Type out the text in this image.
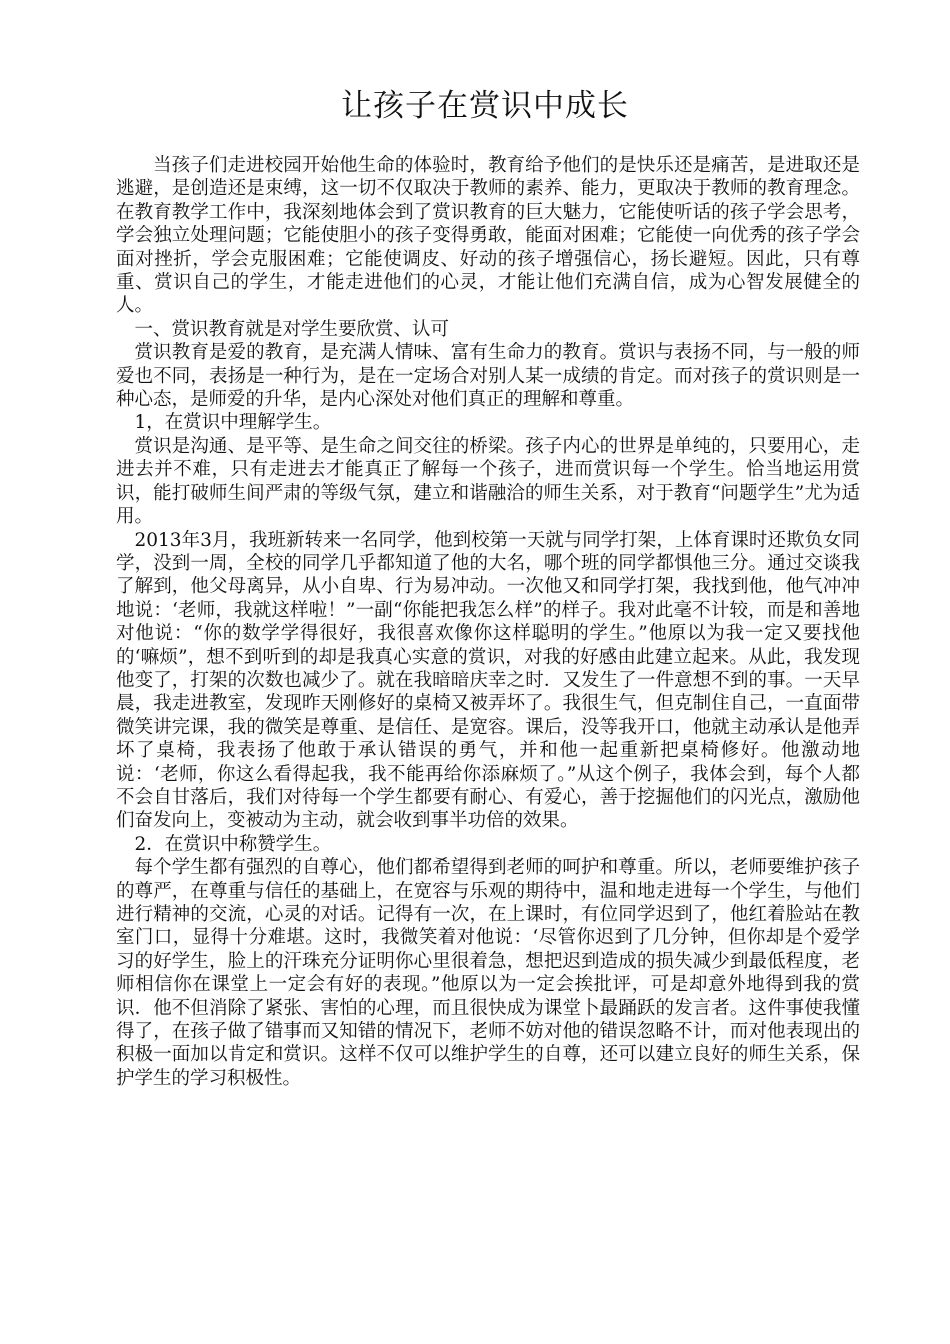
让孩子在赏识中成长

当孩子们走进校园开始他生命的体验时，教育给予他们的是快乐还是痛苦，是进取还是逃避，是创造还是束缚，这一切不仅取决于教师的素养、能力，更取决于教师的教育理念。在教育教学工作中，我深刻地体会到了赏识教育的巨大魅力，它能使听话的孩子学会思考，学会独立处理问题；它能使胆小的孩子变得勇敢，能面对困难；它能使一向优秀的孩子学会面对挫折，学会克服困难；它能使调皮、好动的孩子增强信心，扬长避短。因此，只有尊重、赏识自己的学生，才能走进他们的心灵，才能让他们充满自信，成为心智发展健全的人。

一、赏识教育就是对学生要欣赏、认可

赏识教育是爱的教育，是充满人情味、富有生命力的教育。赏识与表扬不同，与一般的师爱也不同，表扬是一种行为，是在一定场合对别人某一成绩的肯定。而对孩子的赏识则是一种心态，是师爱的升华，是内心深处对他们真正的理解和尊重。

1，在赏识中理解学生。

赏识是沟通、是平等、是生命之间交往的桥梁。孩子内心的世界是单纯的，只要用心，走进去并不难，只有走进去才能真正了解每一个孩子，进而赏识每一个学生。恰当地运用赏识，能打破师生间严肃的等级气氛，建立和谐融洽的师生关系，对于教育“问题学生”尤为适用。

2013年3月，我班新转来一名同学，他到校第一天就与同学打架，上体育课时还欺负女同学，没到一周，全校的同学几乎都知道了他的大名，哪个班的同学都惧他三分。通过交谈我了解到，他父母离异，从小自卑、行为易冲动。一次他又和同学打架，我找到他，他气冲冲地说：‘老师，我就这样啦！”一副“你能把我怎么样”的样子。我对此毫不计较，而是和善地对他说：“你的数学学得很好，我很喜欢像你这样聪明的学生。”他原以为我一定又要找他的‘嘛烦”，想不到听到的却是我真心实意的赏识，对我的好感由此建立起来。从此，我发现他变了，打架的次数也减少了。就在我暗暗庆幸之时．又发生了一件意想不到的事。一天早晨，我走进教室，发现昨天刚修好的桌椅又被弄坏了。我很生气，但克制住自己，一直面带微笑讲完课，我的微笑是尊重、是信任、是宽容。课后，没等我开口，他就主动承认是他弄坏了桌椅，我表扬了他敢于承认错误的勇气，并和他一起重新把桌椅修好。他激动地说：‘老师，你这么看得起我，我不能再给你添麻烦了。”从这个例子，我体会到，每个人都不会自甘落后，我们对待每一个学生都要有耐心、有爱心，善于挖掘他们的闪光点，激励他们奋发向上，变被动为主动，就会收到事半功倍的效果。

2．在赏识中称赞学生。

每个学生都有强烈的自尊心，他们都希望得到老师的呵护和尊重。所以，老师要维护孩子的尊严，在尊重与信任的基础上，在宽容与乐观的期待中，温和地走进每一个学生，与他们进行精神的交流，心灵的对话。记得有一次，在上课时，有位同学迟到了，他红着脸站在教室门口，显得十分难堪。这时，我微笑着对他说：‘尽管你迟到了几分钟，但你却是个爱学习的好学生，脸上的汗珠充分证明你心里很着急，想把迟到造成的损失减少到最低程度，老师相信你在课堂上一定会有好的表现。”他原以为一定会挨批评，可是却意外地得到我的赏识．他不但消除了紧张、害怕的心理，而且很快成为课堂卜最踊跃的发言者。这件事使我懂得了，在孩子做了错事而又知错的情况下，老师不妨对他的错误忽略不计，而对他表现出的积极一面加以肯定和赏识。这样不仅可以维护学生的自尊，还可以建立良好的师生关系，保护学生的学习积极性。
